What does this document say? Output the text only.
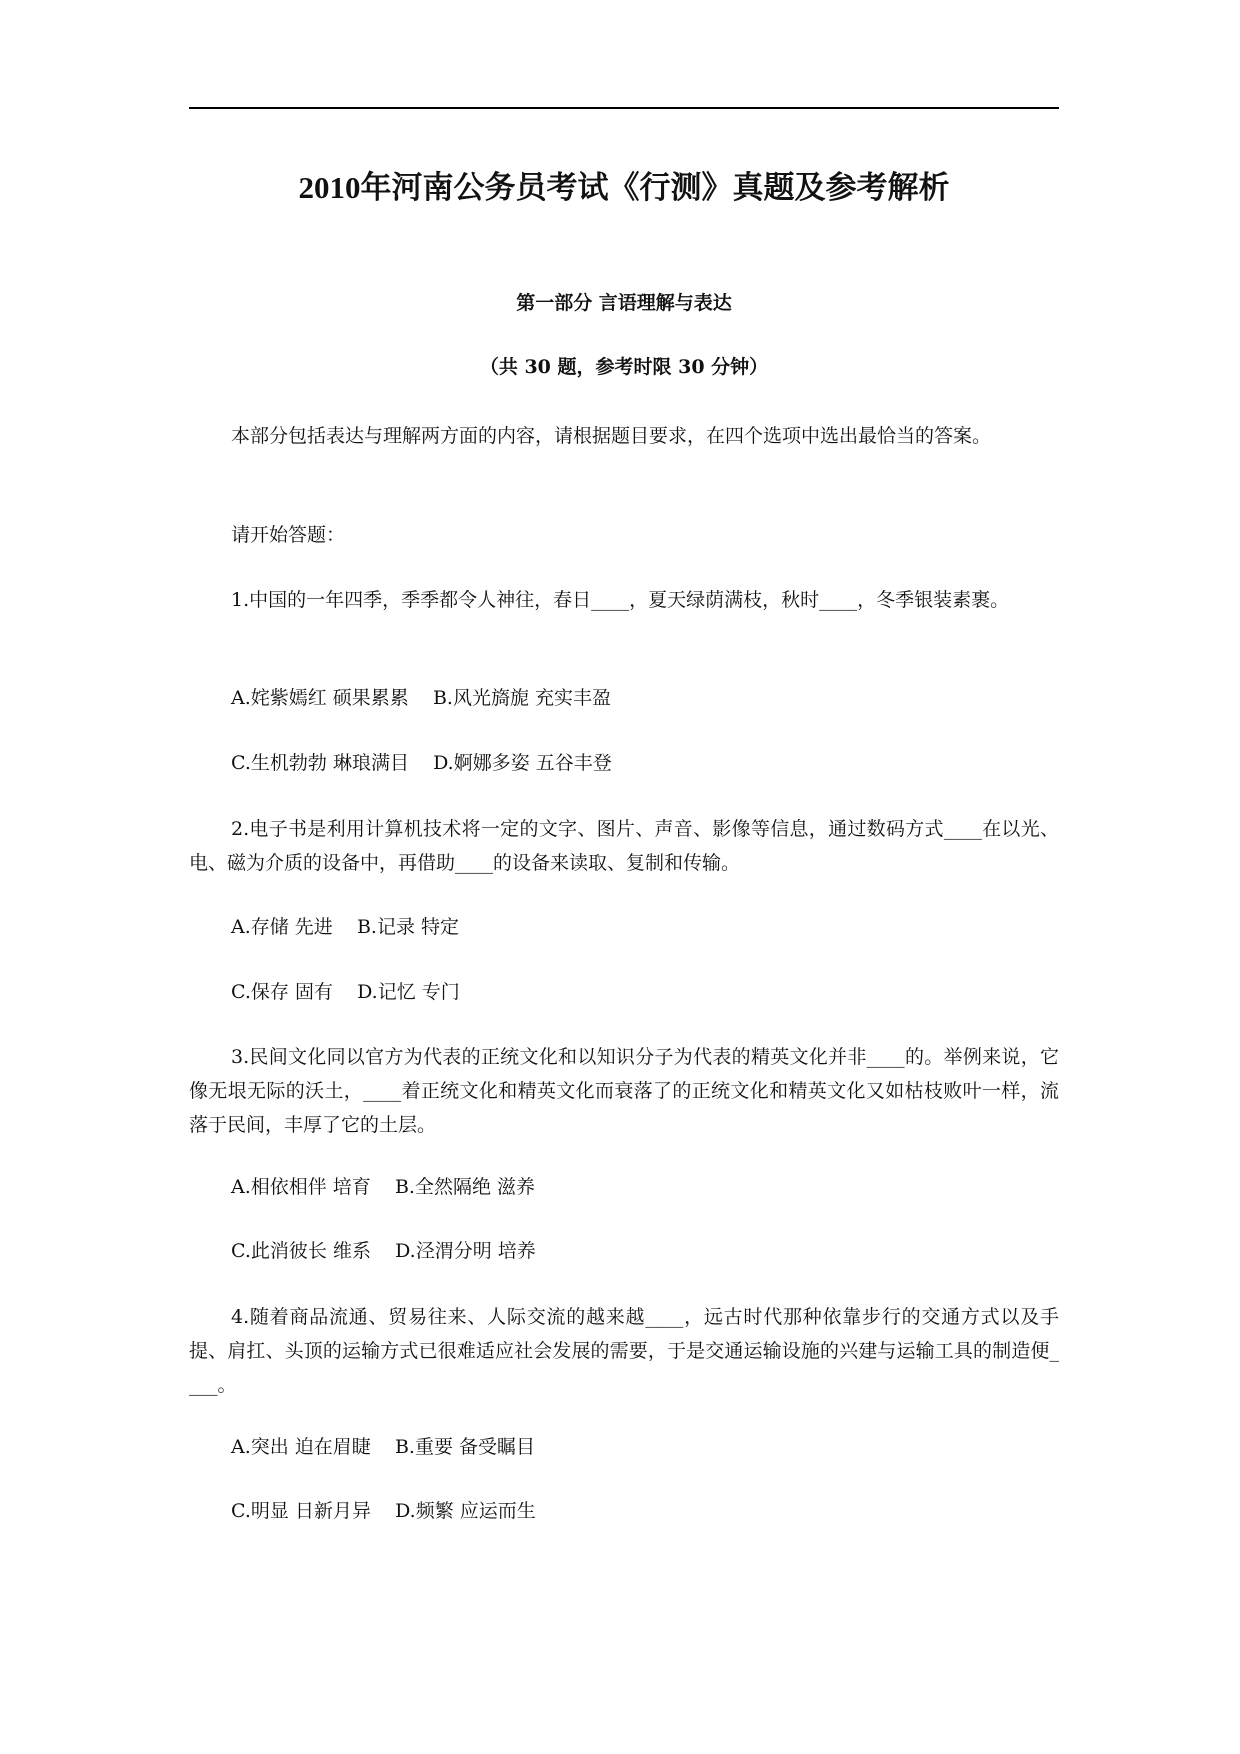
2010年河南公务员考试《行测》真题及参考解析

第一部分 言语理解与表达

（共 30 题，参考时限 30 分钟）

本部分包括表达与理解两方面的内容，请根据题目要求，在四个选项中选出最恰当的答案。

请开始答题：

1.中国的一年四季，季季都令人神往，春日____，夏天绿荫满枝，秋时____，冬季银装素裹。

A.姹紫嫣红 硕果累累    B.风光旖旎 充实丰盈

C.生机勃勃 琳琅满目    D.婀娜多姿 五谷丰登

2.电子书是利用计算机技术将一定的文字、图片、声音、影像等信息，通过数码方式____在以光、电、磁为介质的设备中，再借助____的设备来读取、复制和传输。

A.存储 先进    B.记录 特定

C.保存 固有    D.记忆 专门

3.民间文化同以官方为代表的正统文化和以知识分子为代表的精英文化并非____的。举例来说，它像无垠无际的沃土，____着正统文化和精英文化而衰落了的正统文化和精英文化又如枯枝败叶一样，流落于民间，丰厚了它的土层。

A.相依相伴 培育    B.全然隔绝 滋养

C.此消彼长 维系    D.泾渭分明 培养

4.随着商品流通、贸易往来、人际交流的越来越____，远古时代那种依靠步行的交通方式以及手提、肩扛、头顶的运输方式已很难适应社会发展的需要，于是交通运输设施的兴建与运输工具的制造便____。

A.突出 迫在眉睫    B.重要 备受瞩目

C.明显 日新月异    D.频繁 应运而生
